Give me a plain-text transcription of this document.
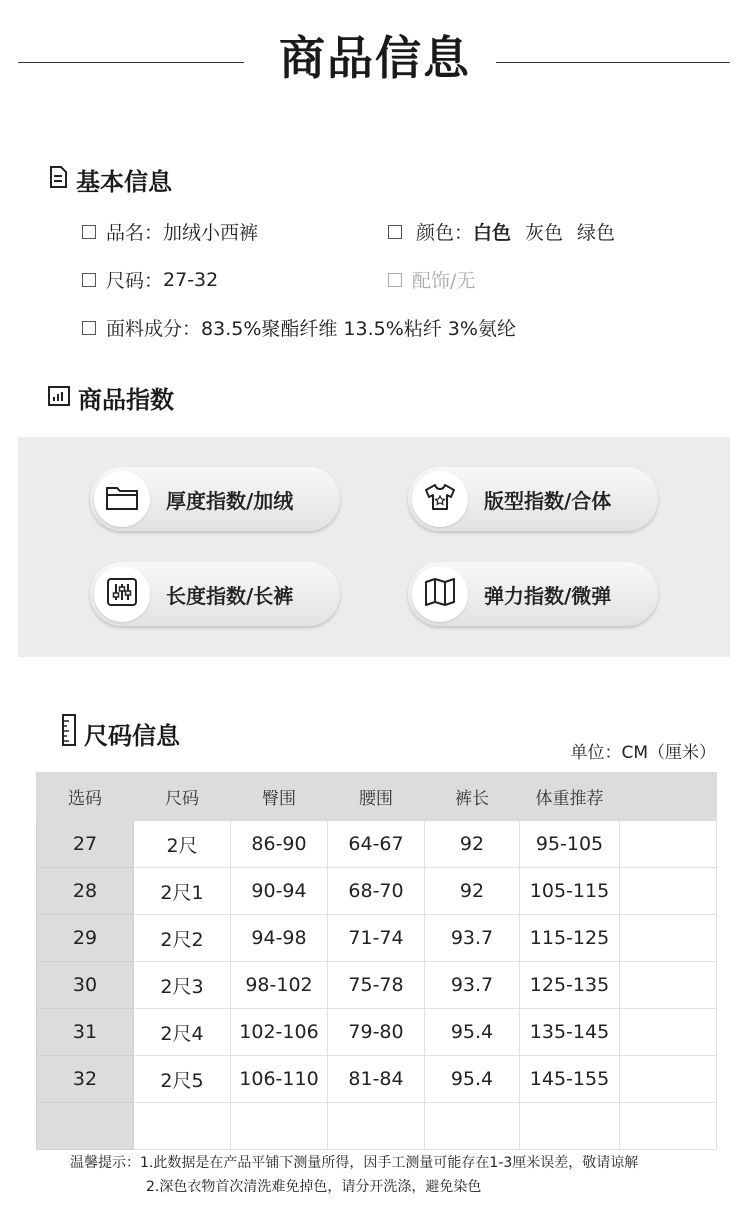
商品信息
基本信息
品名： 加绒小西裤	颜色： 白色 灰色 绿色
尺码： 27-32	配饰/无
面料成分： 83.5%聚酯纤维 13.5%粘纤 3%氨纶
商品指数
厚度指数/加绒	版型指数/合体
长度指数/长裤	弹力指数/微弹
尺码信息
单位：CM（厘米）
选码	尺码	臀围	腰围	裤长	体重推荐	
27	2尺	86-90	64-67	92	95-105	
28	2尺1	90-94	68-70	92	105-115	
29	2尺2	94-98	71-74	93.7	115-125	
30	2尺3	98-102	75-78	93.7	125-135	
31	2尺4	102-106	79-80	95.4	135-145	
32	2尺5	106-110	81-84	95.4	145-155	

温馨提示：1.此数据是在产品平铺下测量所得，因手工测量可能存在1-3厘米误差，敬请谅解
2.深色衣物首次清洗难免掉色，请分开洗涤，避免染色
